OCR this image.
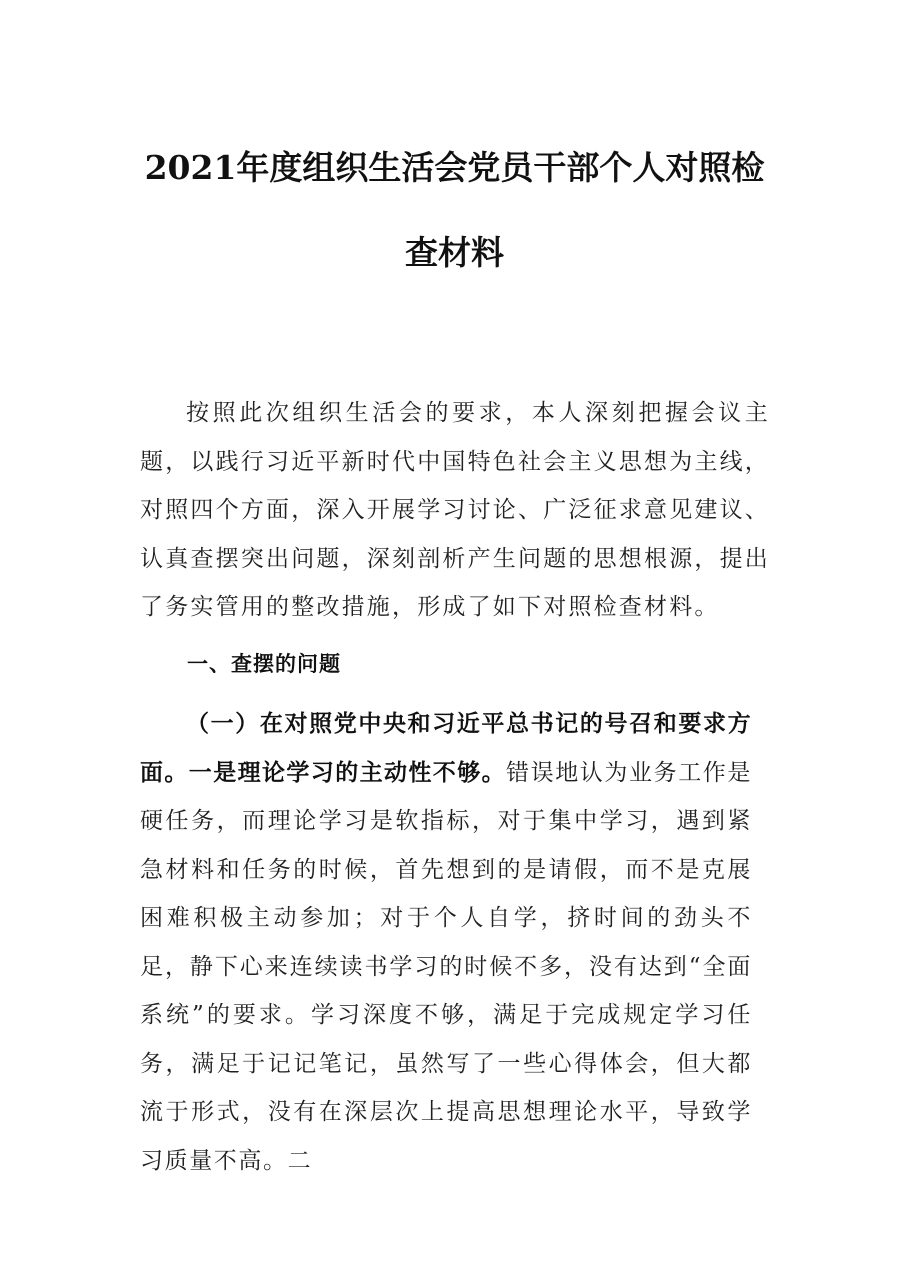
2021年度组织生活会党员干部个人对照检
查材料
按照此次组织生活会的要求，本人深刻把握会议主题，以践行习近平新时代中国特色社会主义思想为主线，对照四个方面，深入开展学习讨论、广泛征求意见建议、认真查摆突出问题，深刻剖析产生问题的思想根源，提出了务实管用的整改措施，形成了如下对照检查材料。
一、查摆的问题
（一）在对照党中央和习近平总书记的号召和要求方面。一是理论学习的主动性不够。错误地认为业务工作是硬任务，而理论学习是软指标，对于集中学习，遇到紧急材料和任务的时候，首先想到的是请假，而不是克展困难积极主动参加；对于个人自学，挤时间的劲头不足，静下心来连续读书学习的时候不多，没有达到“全面系统”的要求。学习深度不够，满足于完成规定学习任务，满足于记记笔记，虽然写了一些心得体会，但大都流于形式，没有在深层次上提高思想理论水平，导致学习质量不高。二
